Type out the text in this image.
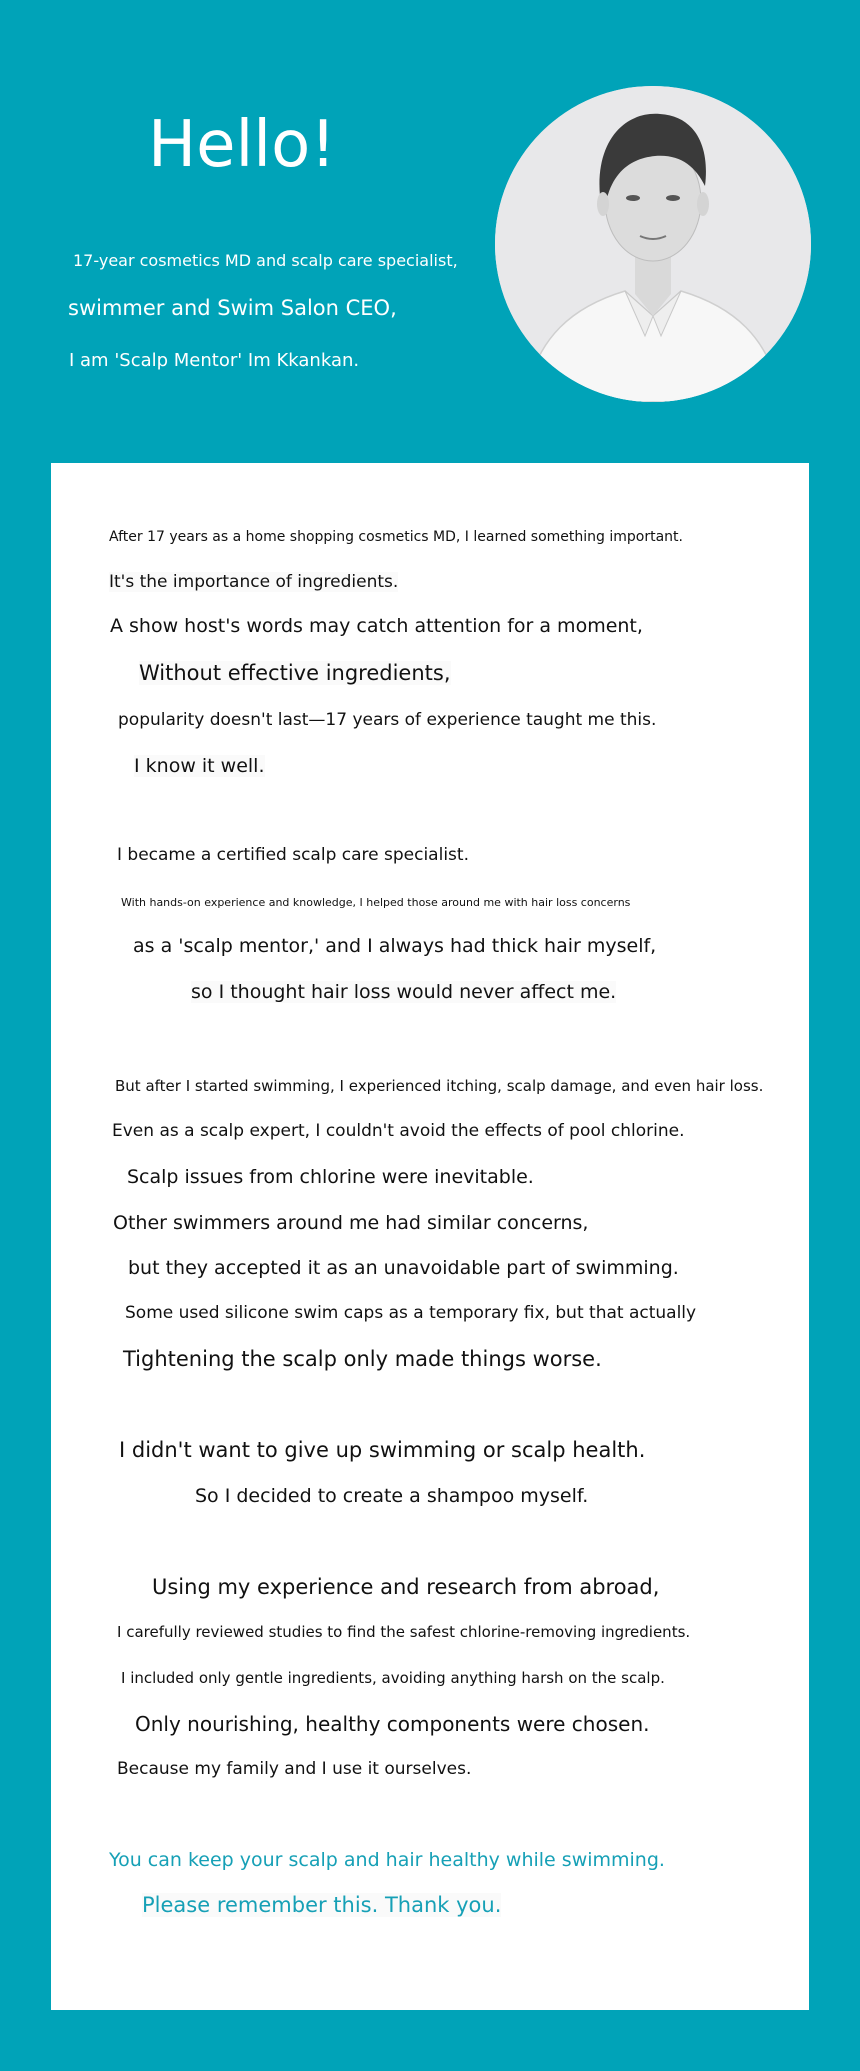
Hello!
17-year cosmetics MD and scalp care specialist,
swimmer and Swim Salon CEO,
I am 'Scalp Mentor' Im Kkankan.

After 17 years as a home shopping cosmetics MD, I learned something important.

It's the importance of ingredients.

A show host's words may catch attention for a moment,

Without effective ingredients,

popularity doesn't last—17 years of experience taught me this.

I know it well.

I became a certified scalp care specialist.

With hands-on experience and knowledge, I helped those around me with hair loss concerns

as a 'scalp mentor,' and I always had thick hair myself,

so I thought hair loss would never affect me.

But after I started swimming, I experienced itching, scalp damage, and even hair loss.

Even as a scalp expert, I couldn't avoid the effects of pool chlorine.

Scalp issues from chlorine were inevitable.

Other swimmers around me had similar concerns,

but they accepted it as an unavoidable part of swimming.

Some used silicone swim caps as a temporary fix, but that actually

Tightening the scalp only made things worse.

I didn't want to give up swimming or scalp health.

So I decided to create a shampoo myself.

Using my experience and research from abroad,

I carefully reviewed studies to find the safest chlorine-removing ingredients.

I included only gentle ingredients, avoiding anything harsh on the scalp.

Only nourishing, healthy components were chosen.

Because my family and I use it ourselves.

You can keep your scalp and hair healthy while swimming.

Please remember this. Thank you.
